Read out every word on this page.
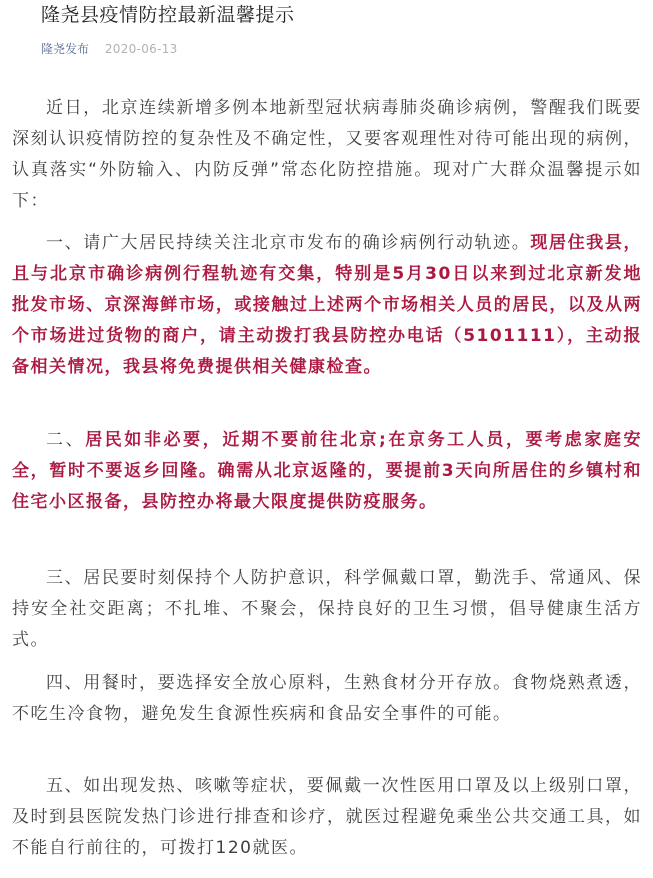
隆尧县疫情防控最新温馨提示
隆尧发布 2020-06-13

近日，北京连续新增多例本地新型冠状病毒肺炎确诊病例，警醒我们既要深刻认识疫情防控的复杂性及不确定性，又要客观理性对待可能出现的病例，认真落实“外防输入、内防反弹”常态化防控措施。现对广大群众温馨提示如下：

一、请广大居民持续关注北京市发布的确诊病例行动轨迹。现居住我县，且与北京市确诊病例行程轨迹有交集，特别是5月30日以来到过北京新发地批发市场、京深海鲜市场，或接触过上述两个市场相关人员的居民，以及从两个市场进过货物的商户，请主动拨打我县防控办电话（5101111），主动报备相关情况，我县将免费提供相关健康检查。

二、居民如非必要，近期不要前往北京;在京务工人员，要考虑家庭安全，暂时不要返乡回隆。确需从北京返隆的，要提前3天向所居住的乡镇村和住宅小区报备，县防控办将最大限度提供防疫服务。

三、居民要时刻保持个人防护意识，科学佩戴口罩，勤洗手、常通风、保持安全社交距离；不扎堆、不聚会，保持良好的卫生习惯，倡导健康生活方式。

四、用餐时，要选择安全放心原料，生熟食材分开存放。食物烧熟煮透，不吃生冷食物，避免发生食源性疾病和食品安全事件的可能。

五、如出现发热、咳嗽等症状，要佩戴一次性医用口罩及以上级别口罩，及时到县医院发热门诊进行排查和诊疗，就医过程避免乘坐公共交通工具，如不能自行前往的，可拨打120就医。
